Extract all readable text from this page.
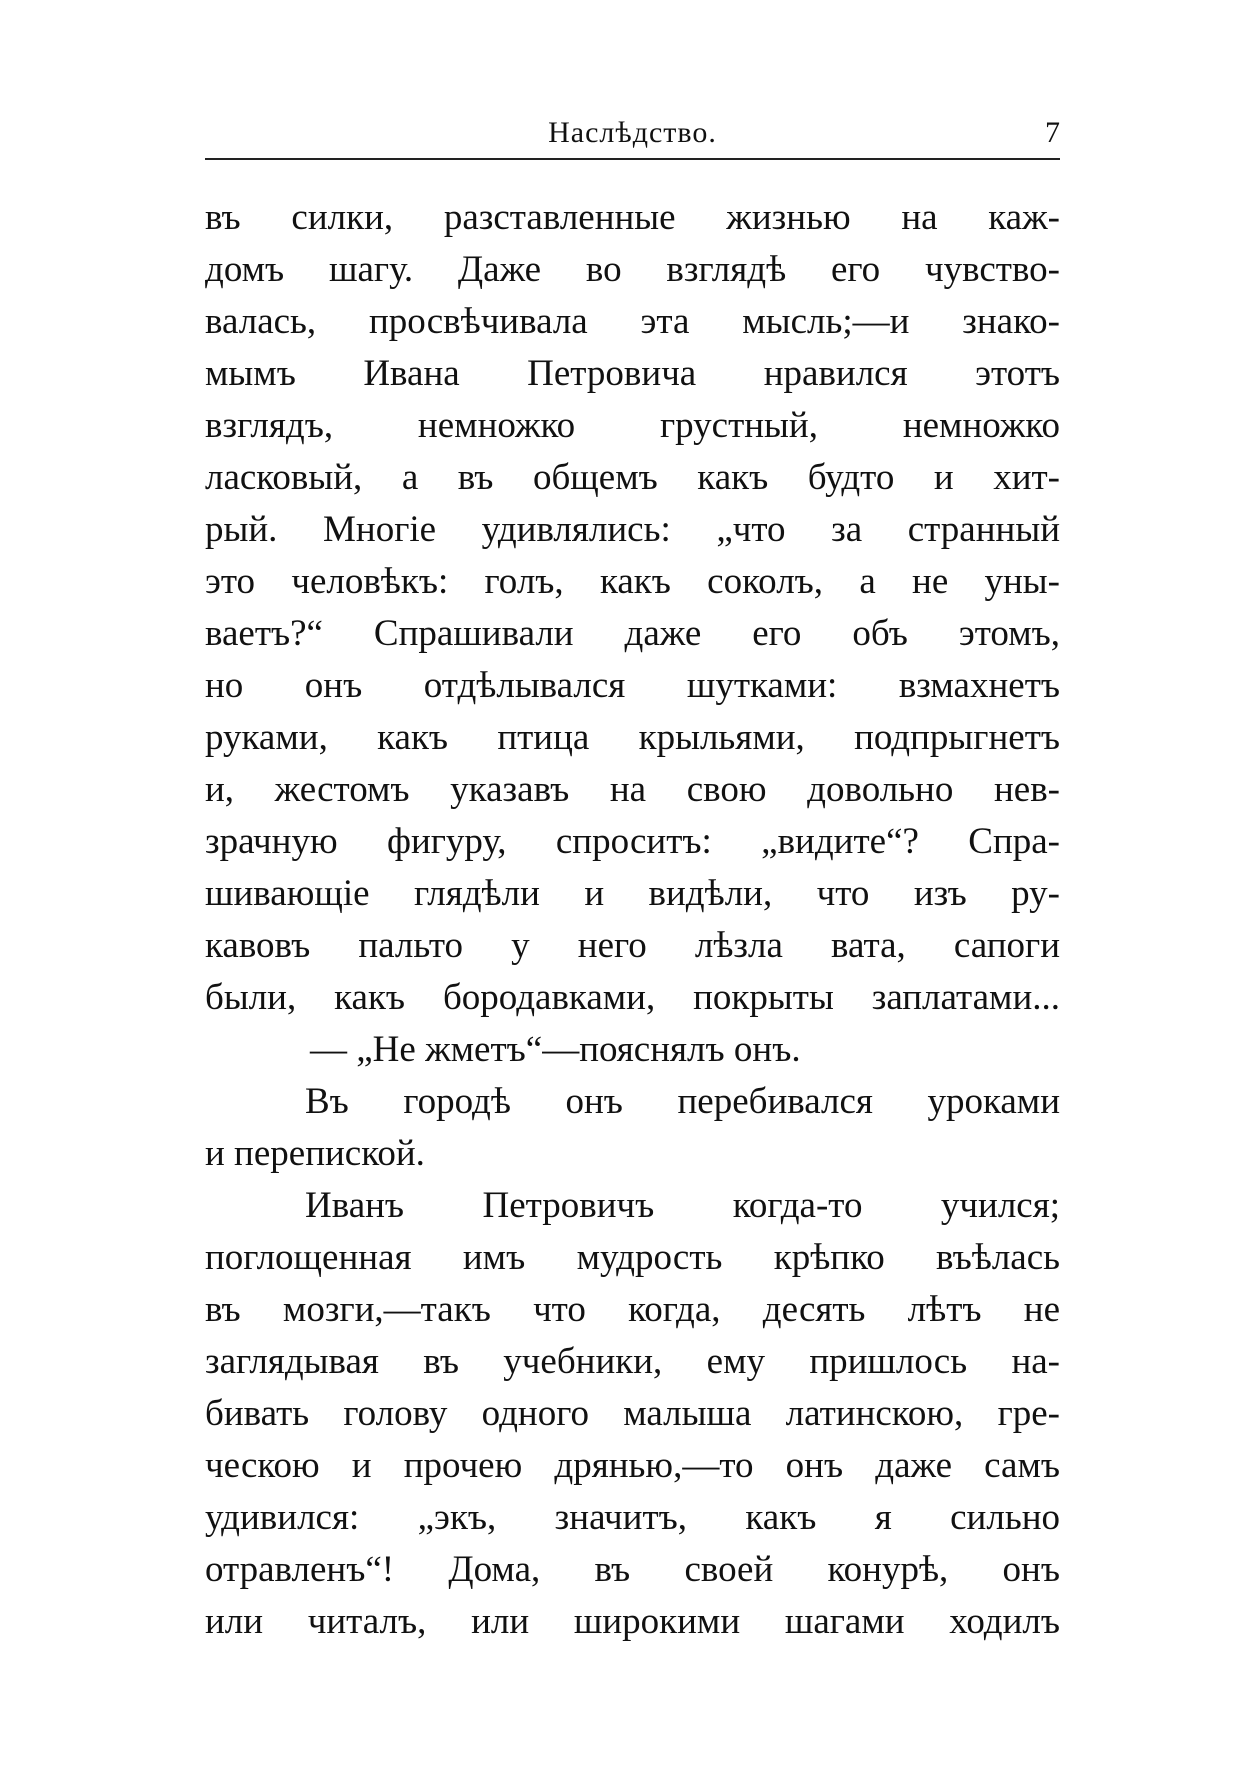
Наслѣдство.	7
въ силки, разставленные жизнью на каж-
домъ шагу. Даже во взглядѣ его чувство-
валась, просвѣчивала эта мысль;—и знако-
мымъ Ивана Петровича нравился этотъ
взглядъ, немножко грустный, немножко
ласковый, а въ общемъ какъ будто и хит-
рый. Многіе удивлялись: „что за странный
это человѣкъ: голъ, какъ соколъ, а не уны-
ваетъ?“ Спрашивали даже его объ этомъ,
но онъ отдѣлывался шутками: взмахнетъ
руками, какъ птица крыльями, подпрыгнетъ
и, жестомъ указавъ на свою довольно нев-
зрачную фигуру, спроситъ: „видите“? Спра-
шивающіе глядѣли и видѣли, что изъ ру-
кавовъ пальто у него лѣзла вата, сапоги
были, какъ бородавками, покрыты заплатами...
— „Не жметъ“—пояснялъ онъ.
Въ городѣ онъ перебивался уроками
и перепиской.
Иванъ Петровичъ когда-то учился;
поглощенная имъ мудрость крѣпко въѣлась
въ мозги,—такъ что когда, десять лѣтъ не
заглядывая въ учебники, ему пришлось на-
бивать голову одного малыша латинскою, гре-
ческою и прочею дрянью,—то онъ даже самъ
удивился: „экъ, значитъ, какъ я сильно
отравленъ“! Дома, въ своей конурѣ, онъ
или читалъ, или широкими шагами ходилъ
